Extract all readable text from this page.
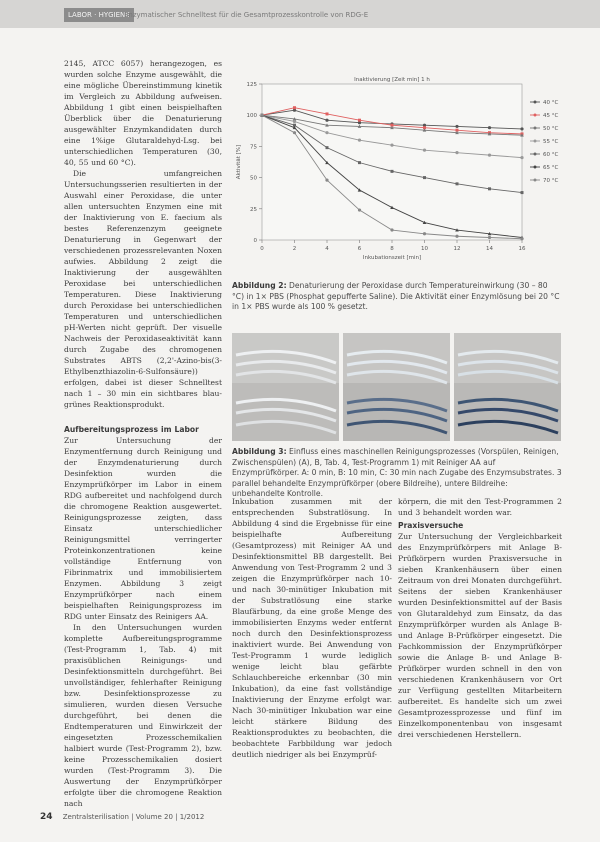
LABOR · HYGIENE
Enzymatischer Schnelltest für die Gesamtprozesskontrolle von RDG-E

2145, ATCC 6057) herangezogen, es wurden solche Enzyme ausgewählt, die eine mögliche Übereinstimmung kinetik im Vergleich zu Abbildung aufweisen. Abbildung 1 gibt einen beispielhaften Überblick über die Denaturierung ausgewählter Enzymkandidaten durch eine 1%ige Glutaraldehyd-Lsg. bei unterschiedlichen Temperaturen (30, 40, 55 und 60 °C).

Die umfangreichen Untersuchungsserien resultierten in der Auswahl einer Peroxidase, die unter allen untersuchten Enzymen eine mit der Inaktivierung von E. faecium als bestes Referenzenzym geeignete Denaturierung in Gegenwart der verschiedenen prozessrelevanten Noxen aufwies. Abbildung 2 zeigt die Inaktivierung der ausgewählten Peroxidase bei unterschiedlichen Temperaturen. Diese Inaktivierung durch Peroxidase bei unterschiedlichen Temperaturen und unterschiedlichen pH-Werten nicht geprüft. Der visuelle Nachweis der Peroxidaseaktivität kann durch Zugabe des chromogenen Substrates ABTS (2,2'-Azino-bis(3-Ethylbenzthiazolin-6-Sulfonsäure)) erfolgen, dabei ist dieser Schnelltest nach 1 – 30 min ein sichtbares blau-grünes Reaktionsprodukt.

Aufbereitungsprozess im Labor

Zur Untersuchung der Enzymentfernung durch Reinigung und der Enzymdenaturierung durch Desinfektion wurden die Enzymprüfkörper im Labor in einem RDG aufbereitet und nachfolgend durch die chromogene Reaktion ausgewertet. Reinigungsprozesse zeigten, dass Einsatz unterschiedlicher Reinigungsmittel verringerter Proteinkonzentrationen keine vollständige Entfernung von Fibrinmatrix und immobilisiertem Enzymen. Abbildung 3 zeigt Enzymprüfkörper nach einem beispielhaften Reinigungsprozess im RDG unter Einsatz des Reinigers AA.

In den Untersuchungen wurden komplette Aufbereitungsprogramme (Test-Programm 1, Tab. 4) mit praxisüblichen Reinigungs- und Desinfektionsmitteln durchgeführt. Bei unvollständiger, fehlerhafter Reinigung bzw. Desinfektionsprozesse zu simulieren, wurden diesen Versuche durchgeführt, bei denen die Endtemperaturen und Einwirkzeit der eingesetzten Prozesschemikalien halbiert wurde (Test-Programm 2), bzw. keine Prozesschemikalien dosiert wurden (Test-Programm 3). Die Auswertung der Enzymprüfkörper erfolgte über die chromogene Reaktion nach

0
25
50
75
100
125
0	2	4	6	8	10	12	14	16
Inaktivierung [Zeit min] 1 h
Inkubationszeit [min]
Aktivität [%]
40 °C
45 °C
50 °C
55 °C
60 °C
65 °C
70 °C
Abbildung 2: Denaturierung der Peroxidase durch Temperatureinwirkung (30 – 80 °C) in 1× PBS (Phosphat gepufferte Saline). Die Aktivität einer Enzymlösung bei 20 °C in 1× PBS wurde als 100 % gesetzt.
Abbildung 3: Einfluss eines maschinellen Reinigungsprozesses (Vorspülen, Reinigen, Zwischenspülen) (A), B, Tab. 4, Test-Programm 1) mit Reiniger AA auf Enzymprüfkörper. A: 0 min, B: 10 min, C: 30 min nach Zugabe des Enzymsubstrates. 3 parallel behandelte Enzymprüfkörper (obere Bildreihe), untere Bildreihe: unbehandelte Kontrolle.

Inkubation zusammen mit der entsprechenden Substratlösung. In Abbildung 4 sind die Ergebnisse für eine beispielhafte Aufbereitung (Gesamtprozess) mit Reiniger AA und Desinfektionsmittel BB dargestellt. Bei Anwendung von Test-Programm 2 und 3 zeigen die Enzymprüfkörper nach 10- und nach 30-minütiger Inkubation mit der Substratlösung eine starke Blaufärbung, da eine große Menge des immobilisierten Enzyms weder entfernt noch durch den Desinfektionsprozess inaktiviert wurde. Bei Anwendung von Test-Programm 1 wurde lediglich wenige leicht blau gefärbte Schlauchbereiche erkennbar (30 min Inkubation), da eine fast vollständige Inaktivierung der Enzyme erfolgt war. Nach 30-minütiger Inkubation war eine leicht stärkere Bildung des Reaktionsproduktes zu beobachten, die beobachtete Farbbildung war jedoch deutlich niedriger als bei Enzymprüf-

körpern, die mit den Test-Programmen 2 und 3 behandelt worden war.

Praxisversuche

Zur Untersuchung der Vergleichbarkeit des Enzymprüfkörpers mit Anlage B-Prüfkörpern wurden Praxisversuche in sieben Krankenhäusern über einen Zeitraum von drei Monaten durchgeführt. Seitens der sieben Krankenhäuser wurden Desinfektionsmittel auf der Basis von Glutaraldehyd zum Einsatz, da das Enzymprüfkörper wurden als Anlage B- und Anlage B-Prüfkörper eingesetzt. Die Fachkommission der Enzymprüfkörper sowie die Anlage B- und Anlage B-Prüfkörper wurden schnell in den von verschiedenen Krankenhäusern vor Ort zur Verfügung gestellten Mitarbeitern aufbereitet. Es handelte sich um zwei Gesamtprozessprozesse und fünf im Einzelkomponentenbau von insgesamt drei verschiedenen Herstellern.

24 Zentralsterilisation | Volume 20 | 1/2012
